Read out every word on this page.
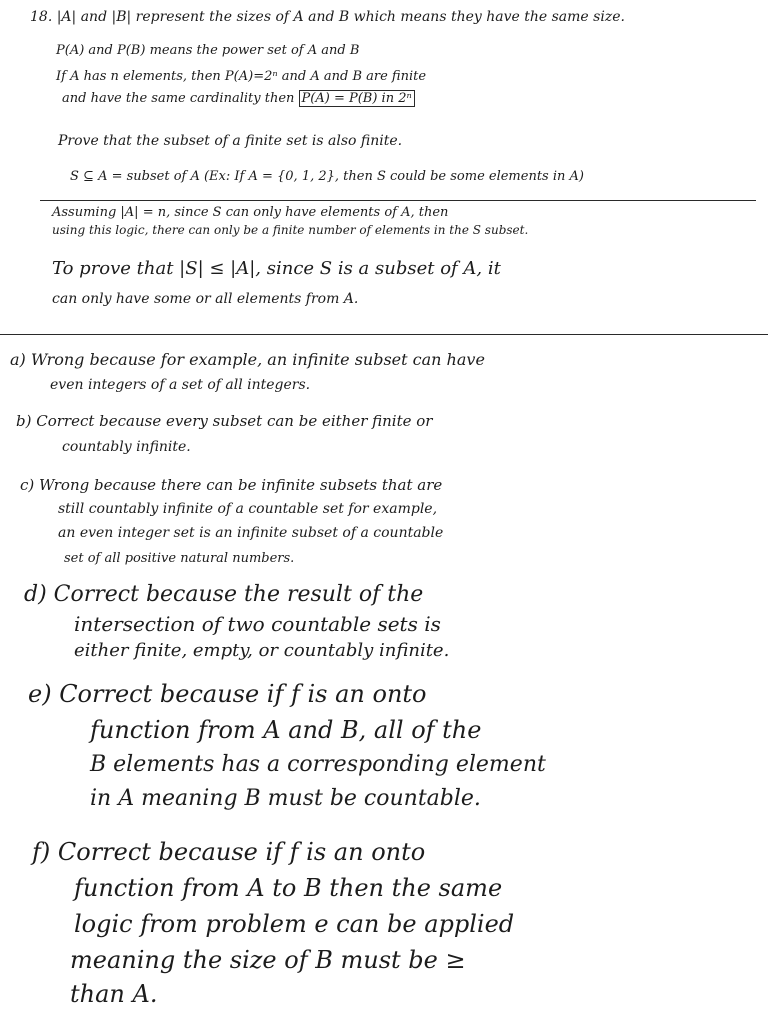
18. |A| and |B| represent the sizes of A and B which means they have the same size.
P(A) and P(B) means the power set of A and B
If A has n elements, then P(A)=2ⁿ and A and B are finite
and have the same cardinality then P(A) = P(B) in 2ⁿ
Prove that the subset of a finite set is also finite.
S ⊆ A = subset of A (Ex: If A = {0, 1, 2}, then S could be some elements in A)
Assuming |A| = n, since S can only have elements of A, then
using this logic, there can only be a finite number of elements in the S subset.
To prove that |S| ≤ |A|, since S is a subset of A, it
can only have some or all elements from A.
a) Wrong because for example, an infinite subset can have
even integers of a set of all integers.
b) Correct because every subset can be either finite or
countably infinite.
c) Wrong because there can be infinite subsets that are
still countably infinite of a countable set for example,
an even integer set is an infinite subset of a countable
set of all positive natural numbers.
d) Correct because the result of the
intersection of two countable sets is
either finite, empty, or countably infinite.
e) Correct because if f is an onto
function from A and B, all of the
B elements has a corresponding element
in A meaning B must be countable.
f) Correct because if f is an onto
function from A to B then the same
logic from problem e can be applied
meaning the size of B must be ≥
than A.
